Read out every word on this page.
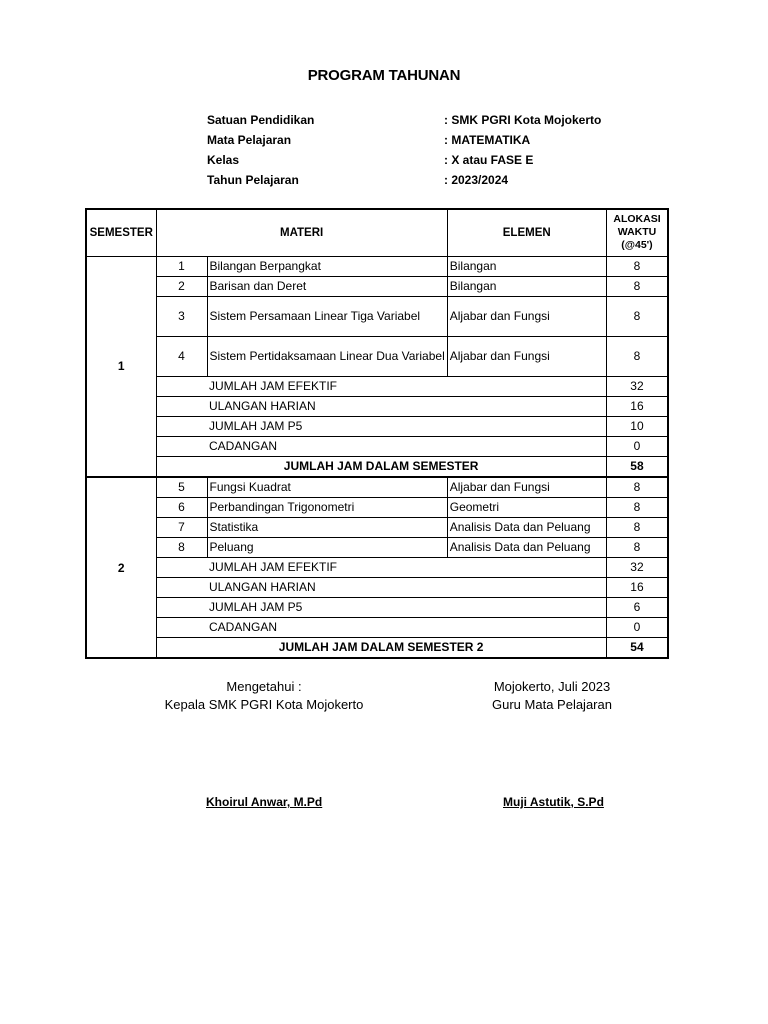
PROGRAM TAHUNAN
Satuan Pendidikan	: SMK PGRI Kota Mojokerto
Mata Pelajaran	: MATEMATIKA
Kelas	: X atau FASE E
Tahun Pelajaran	: 2023/2024
SEMESTER	MATERI		ELEMEN	ALOKASI WAKTU (@45')
1	1	Bilangan Berpangkat	Bilangan	8
	2	Barisan dan Deret	Bilangan	8
	3	Sistem Persamaan Linear Tiga Variabel	Aljabar dan Fungsi	8
	4	Sistem Pertidaksamaan Linear Dua Variabel	Aljabar dan Fungsi	8
		JUMLAH JAM EFEKTIF		32
		ULANGAN HARIAN		16
		JUMLAH JAM P5		10
		CADANGAN		0
	JUMLAH JAM DALAM SEMESTER			58
2	5	Fungsi Kuadrat	Aljabar dan Fungsi	8
	6	Perbandingan Trigonometri	Geometri	8
	7	Statistika	Analisis Data dan Peluang	8
	8	Peluang	Analisis Data dan Peluang	8
		JUMLAH JAM EFEKTIF		32
		ULANGAN HARIAN		16
		JUMLAH JAM P5		6
		CADANGAN		0
	JUMLAH JAM DALAM SEMESTER 2			54
Mengetahui :
Kepala SMK PGRI Kota Mojokerto
Mojokerto, Juli 2023
Guru Mata Pelajaran
Khoirul Anwar, M.Pd	Muji Astutik, S.Pd
